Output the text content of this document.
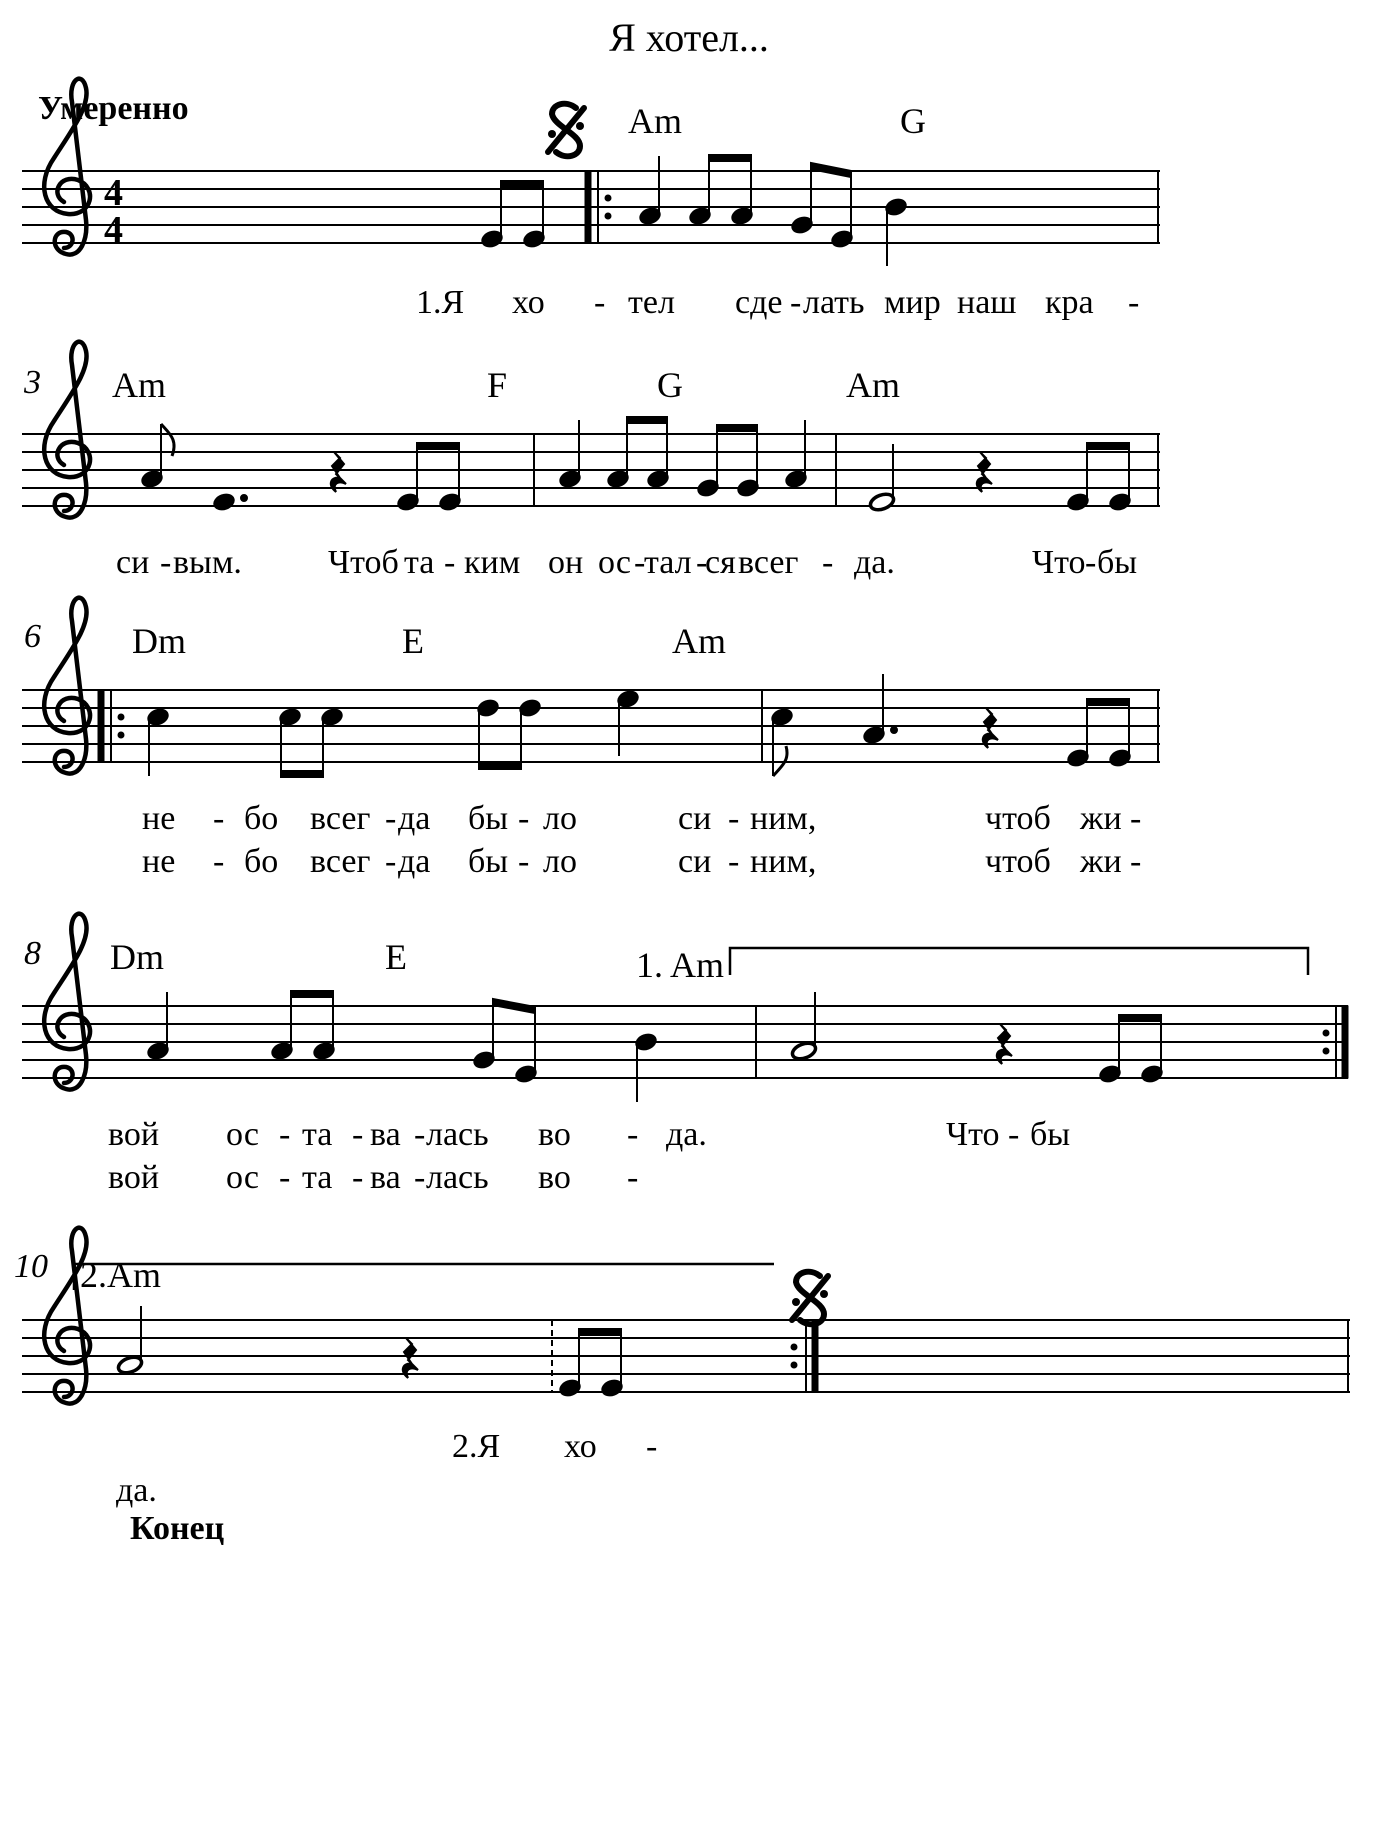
Я хотел...
Умеренно	Am	G
3 Am	F	G	Am
6	Dm	E	Am
8 Dm	E	1. Am
10 2.Am
1.Я хо - тел сде - лать мир наш кра -
си - вым.	Чтоб та - ким он ос -
тал -
ся всег - да.	Что - бы
не - бо всег - да бы - ло	си - ним,	чтоб жи -
не - бо всег - да бы - ло	си - ним,	чтоб жи -
вой ос - та - ва - лась во - да.	Что - бы
вой ос - та - ва - лась во -
2.Я хо -
да.
Конец
4
4
